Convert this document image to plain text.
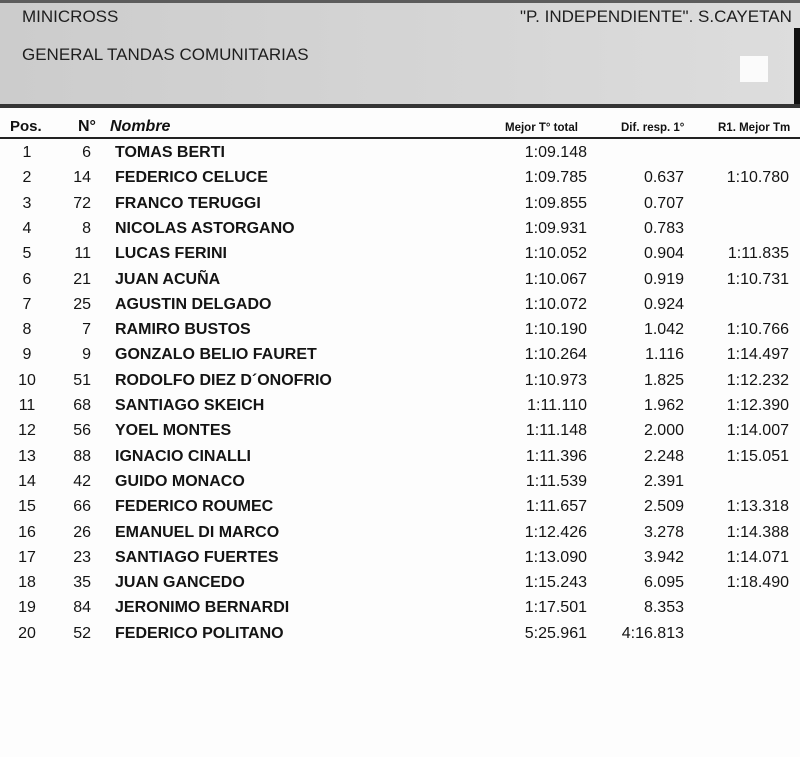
MINICROSS	"P. INDEPENDIENTE". S.CAYETAN
GENERAL TANDAS COMUNITARIAS
Pos. N° Nombre	Mejor T° total	Dif. resp. 1°	R1. Mejor Tm
1	6 TOMAS BERTI	1:09.148
2	14 FEDERICO CELUCE	1:09.785	0.637	1:10.780
3	72 FRANCO TERUGGI	1:09.855	0.707
4	8 NICOLAS ASTORGANO	1:09.931	0.783
5	11 LUCAS FERINI	1:10.052	0.904	1:11.835
6	21 JUAN ACUÑA	1:10.067	0.919	1:10.731
7	25 AGUSTIN DELGADO	1:10.072	0.924
8	7 RAMIRO BUSTOS	1:10.190	1.042	1:10.766
9	9 GONZALO BELIO FAURET	1:10.264	1.116	1:14.497
10	51 RODOLFO DIEZ D´ONOFRIO	1:10.973	1.825	1:12.232
11	68 SANTIAGO SKEICH	1:11.110	1.962	1:12.390
12	56 YOEL MONTES	1:11.148	2.000	1:14.007
13	88 IGNACIO CINALLI	1:11.396	2.248	1:15.051
14	42 GUIDO MONACO	1:11.539	2.391
15	66 FEDERICO ROUMEC	1:11.657	2.509	1:13.318
16	26 EMANUEL DI MARCO	1:12.426	3.278	1:14.388
17	23 SANTIAGO FUERTES	1:13.090	3.942	1:14.071
18	35 JUAN GANCEDO	1:15.243	6.095	1:18.490
19	84 JERONIMO BERNARDI	1:17.501	8.353
20	52 FEDERICO POLITANO	5:25.961	4:16.813
